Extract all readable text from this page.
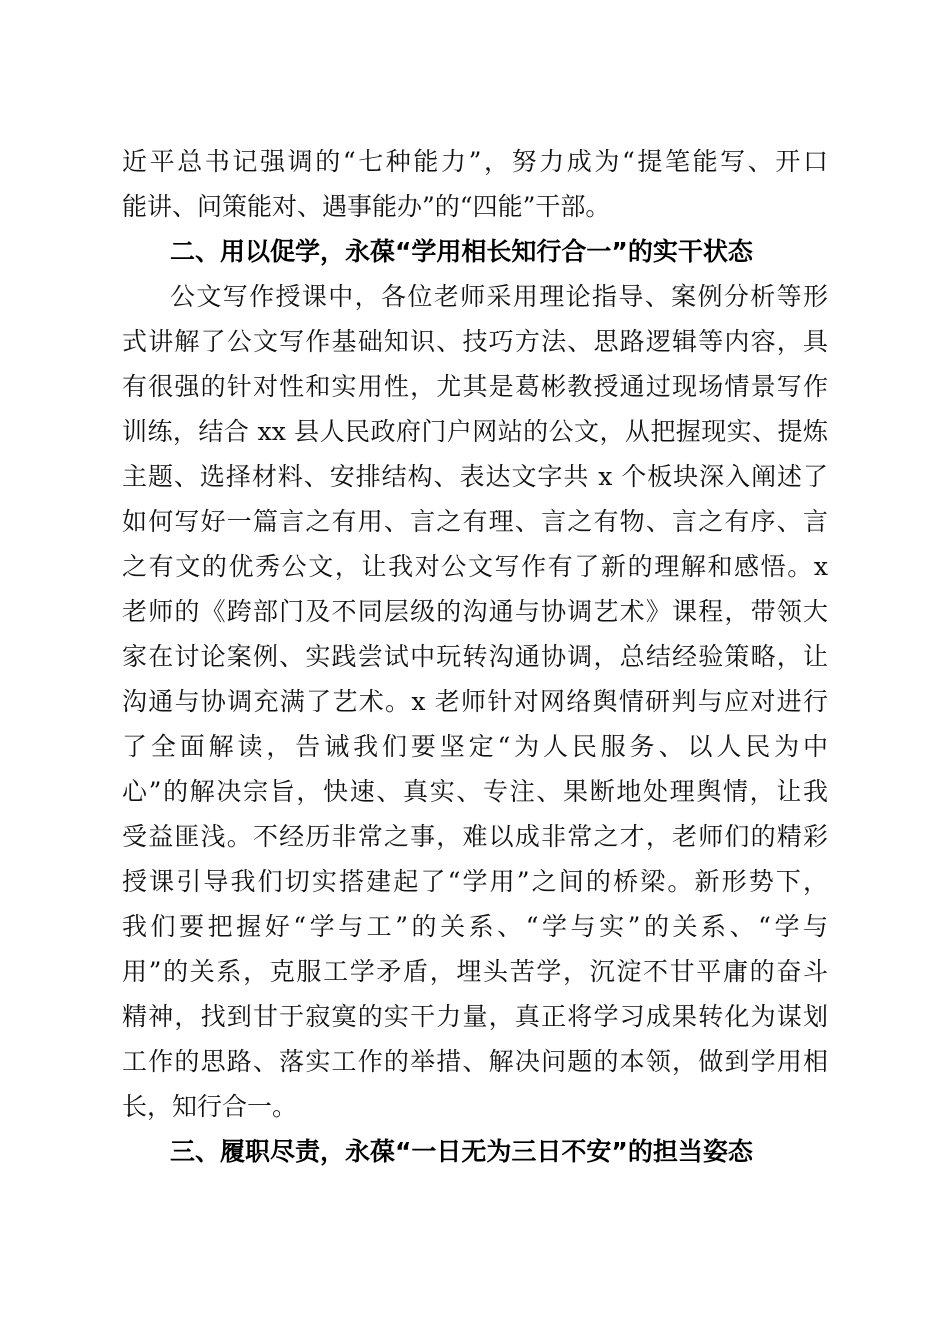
近平总书记强调的“七种能力”，努力成为“提笔能写、开口
能讲、问策能对、遇事能办”的“四能”干部。
二、用以促学，永葆“学用相长知行合一”的实干状态
公文写作授课中，各位老师采用理论指导、案例分析等形
式讲解了公文写作基础知识、技巧方法、思路逻辑等内容，具
有很强的针对性和实用性，尤其是葛彬教授通过现场情景写作
训练，结合 xx 县人民政府门户网站的公文，从把握现实、提炼
主题、选择材料、安排结构、表达文字共 x 个板块深入阐述了
如何写好一篇言之有用、言之有理、言之有物、言之有序、言
之有文的优秀公文，让我对公文写作有了新的理解和感悟。x
老师的《跨部门及不同层级的沟通与协调艺术》课程，带领大
家在讨论案例、实践尝试中玩转沟通协调，总结经验策略，让
沟通与协调充满了艺术。x 老师针对网络舆情研判与应对进行
了全面解读，告诫我们要坚定“为人民服务、以人民为中
心”的解决宗旨，快速、真实、专注、果断地处理舆情，让我
受益匪浅。不经历非常之事，难以成非常之才，老师们的精彩
授课引导我们切实搭建起了“学用”之间的桥梁。新形势下，
我们要把握好“学与工”的关系、“学与实”的关系、“学与
用”的关系，克服工学矛盾，埋头苦学，沉淀不甘平庸的奋斗
精神，找到甘于寂寞的实干力量，真正将学习成果转化为谋划
工作的思路、落实工作的举措、解决问题的本领，做到学用相
长，知行合一。
三、履职尽责，永葆“一日无为三日不安”的担当姿态
